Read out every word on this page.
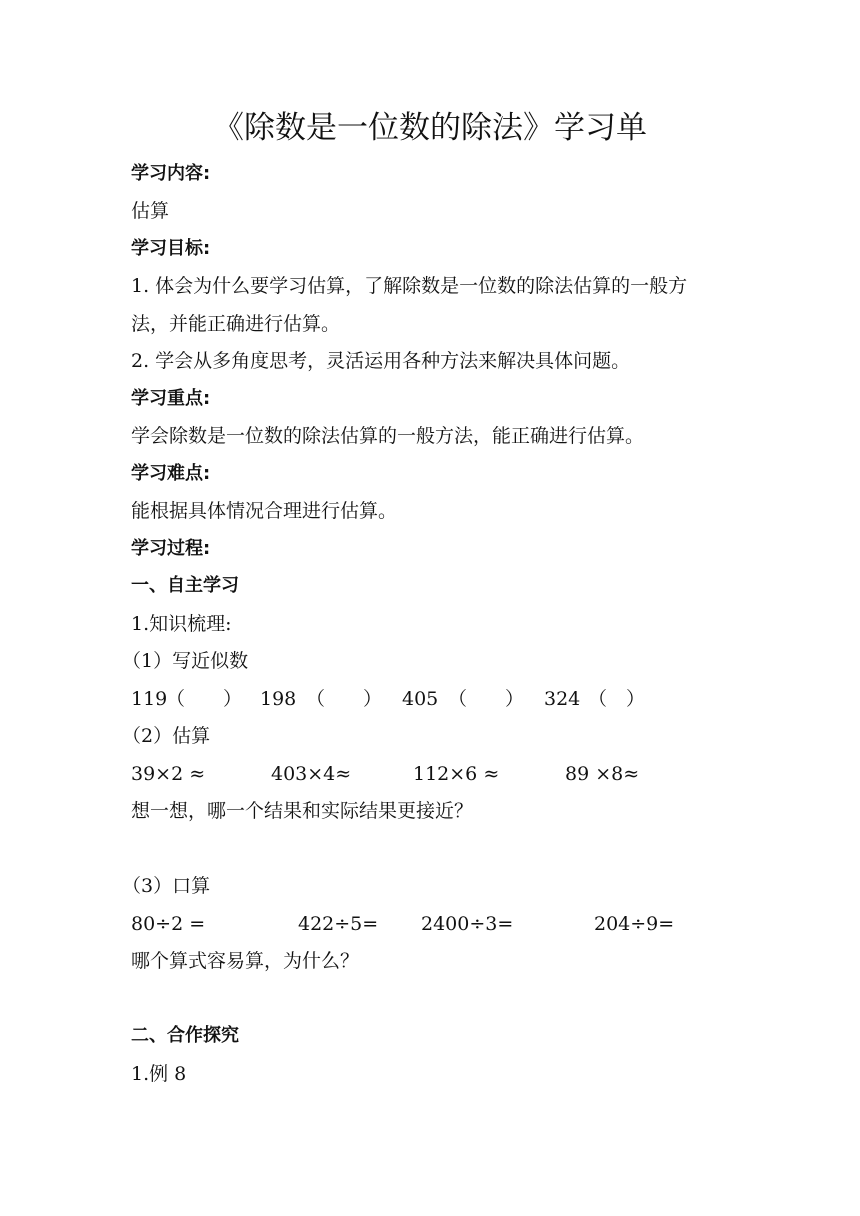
《除数是一位数的除法》学习单
学习内容:
估算
学习目标:
1. 体会为什么要学习估算，了解除数是一位数的除法估算的一般方
法，并能正确进行估算。
2. 学会从多角度思考，灵活运用各种方法来解决具体问题。
学习重点:
学会除数是一位数的除法估算的一般方法，能正确进行估算。
学习难点:
能根据具体情况合理进行估算。
学习过程:
一、自主学习
1.知识梳理:
（1）写近似数
119
（　　） 198 （　　） 405 （　　） 324 （　）
（2）估算
39×2 ≈	403×4≈	112×6 ≈	89 ×8≈
想一想，哪一个结果和实际结果更接近？
（3）口算
80÷2 =	422÷5= 2400÷3=	204÷9=
哪个算式容易算，为什么？
二、合作探究
1.例 8
